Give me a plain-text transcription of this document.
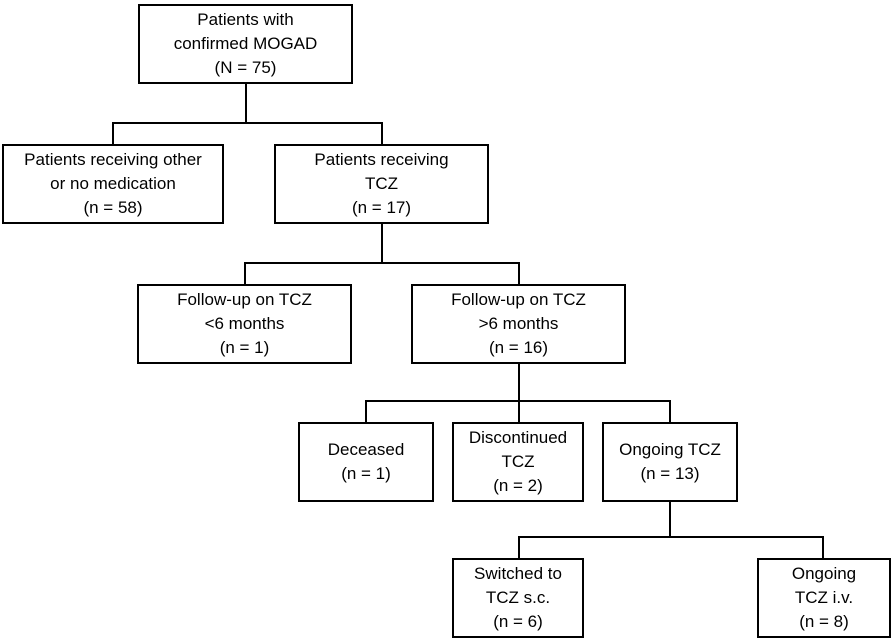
Patients with
confirmed MOGAD
(N = 75)
Patients receiving other
or no medication
(n = 58)
Patients receiving
TCZ
(n = 17)
Follow-up on TCZ
<6 months
(n = 1)
Follow-up on TCZ
>6 months
(n = 16)
Deceased
(n = 1)
Discontinued
TCZ
(n = 2)
Ongoing TCZ
(n = 13)
Switched to
TCZ s.c.
(n = 6)
Ongoing
TCZ i.v.
(n = 8)
